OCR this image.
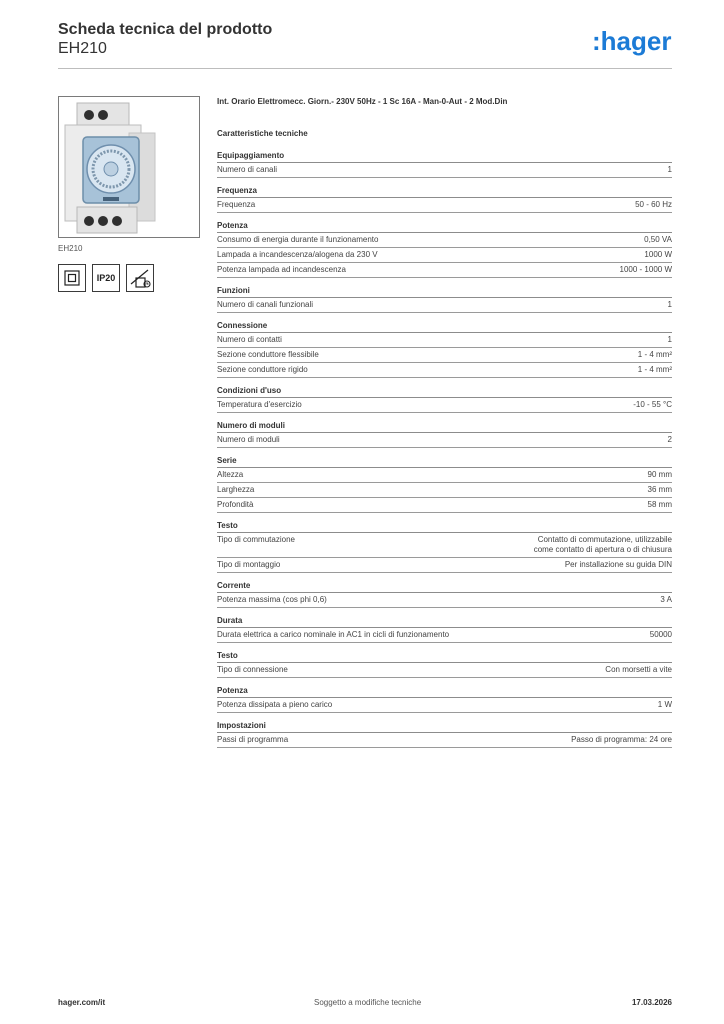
Scheda tecnica del prodotto
EH210	:hager
EH210
IP20
Int. Orario Elettromecc. Giorn.- 230V 50Hz - 1 Sc 16A - Man-0-Aut - 2 Mod.Din
Caratteristiche tecniche
Equipaggiamento
Numero di canali	1
Frequenza
Frequenza	50 - 60 Hz
Potenza
Consumo di energia durante il funzionamento	0,50 VA
Lampada a incandescenza/alogena da 230 V	1000 W
Potenza lampada ad incandescenza	1000 - 1000 W
Funzioni
Numero di canali funzionali	1
Connessione
Numero di contatti	1
Sezione conduttore flessibile	1 - 4 mm²
Sezione conduttore rigido	1 - 4 mm²
Condizioni d'uso
Temperatura d'esercizio	-10 - 55 °C
Numero di moduli
Numero di moduli	2
Serie
Altezza	90 mm
Larghezza	36 mm
Profondità	58 mm
Testo
Tipo di commutazione	Contatto di commutazione, utilizzabile
come contatto di apertura o di chiusura
Tipo di montaggio	Per installazione su guida DIN
Corrente
Potenza massima (cos phi 0,6)	3 A
Durata
Durata elettrica a carico nominale in AC1 in cicli di funzionamento	50000
Testo
Tipo di connessione	Con morsetti a vite
Potenza
Potenza dissipata a pieno carico	1 W
Impostazioni
Passi di programma	Passo di programma: 24 ore
hager.com/it	Soggetto a modifiche tecniche	17.03.2026
